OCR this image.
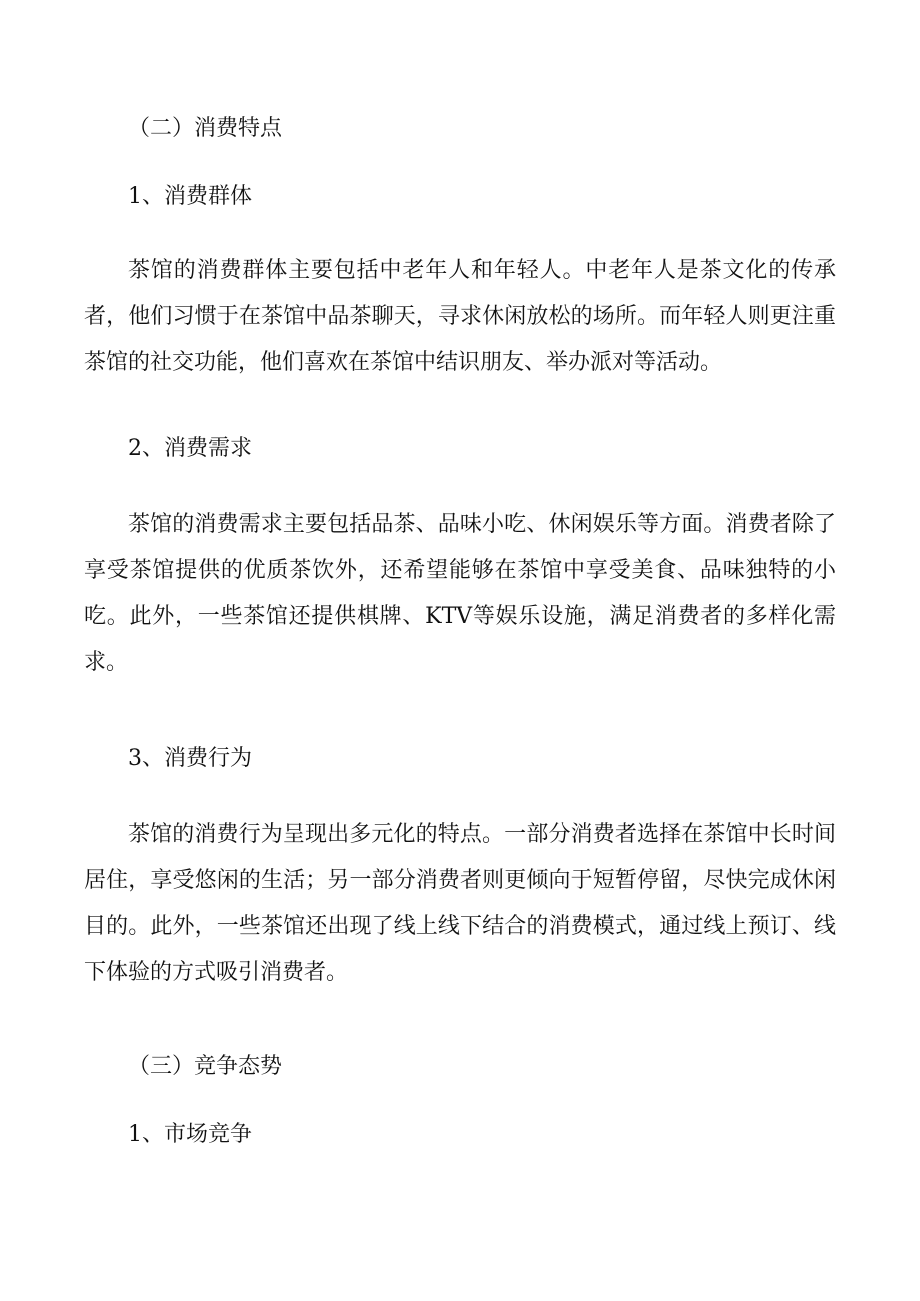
（二）消费特点
1、消费群体
茶馆的消费群体主要包括中老年人和年轻人。中老年人是茶文化的传承者，他们习惯于在茶馆中品茶聊天，寻求休闲放松的场所。而年轻人则更注重茶馆的社交功能，他们喜欢在茶馆中结识朋友、举办派对等活动。
2、消费需求
茶馆的消费需求主要包括品茶、品味小吃、休闲娱乐等方面。消费者除了享受茶馆提供的优质茶饮外，还希望能够在茶馆中享受美食、品味独特的小吃。此外，一些茶馆还提供棋牌、KTV等娱乐设施，满足消费者的多样化需求。
3、消费行为
茶馆的消费行为呈现出多元化的特点。一部分消费者选择在茶馆中长时间居住，享受悠闲的生活；另一部分消费者则更倾向于短暂停留，尽快完成休闲目的。此外，一些茶馆还出现了线上线下结合的消费模式，通过线上预订、线下体验的方式吸引消费者。
（三）竞争态势
1、市场竞争
